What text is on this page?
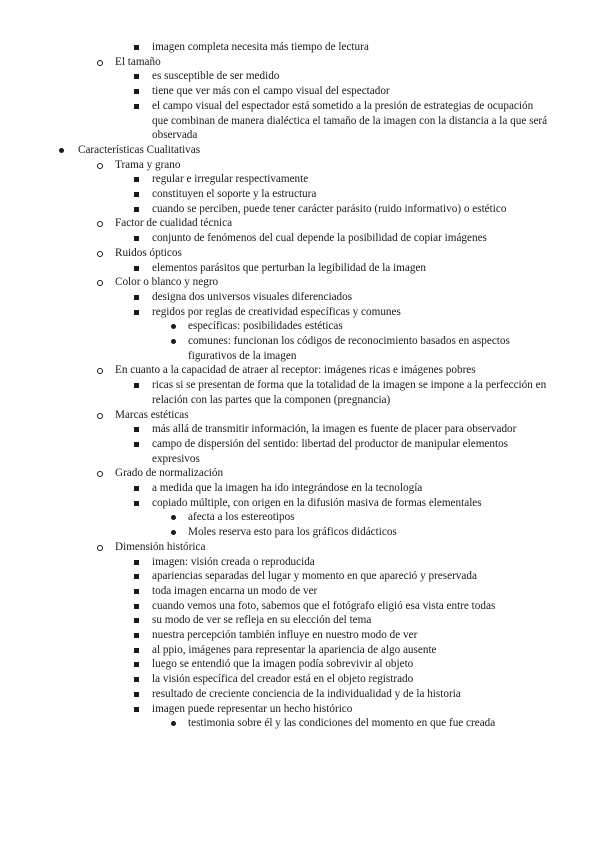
imagen completa necesita más tiempo de lectura
El tamaño
es susceptible de ser medido
tiene que ver más con el campo visual del espectador
el campo visual del espectador está sometido a la presión de estrategias de ocupación que combinan de manera dialéctica el tamaño de la imagen con la distancia a la que será observada
Características Cualitativas
Trama y grano
regular e irregular respectivamente
constituyen el soporte y la estructura
cuando se perciben, puede tener carácter parásito (ruido informativo) o estético
Factor de cualidad técnica
conjunto de fenómenos del cual depende la posibilidad de copiar imágenes
Ruidos ópticos
elementos parásitos que perturban la legibilidad de la imagen
Color o blanco y negro
designa dos universos visuales diferenciados
regidos por reglas de creatividad específicas y comunes
específicas: posibilidades estéticas
comunes: funcionan los códigos de reconocimiento basados en aspectos figurativos de la imagen
En cuanto a la capacidad de atraer al receptor: imágenes ricas e imágenes pobres
ricas si se presentan de forma que la totalidad de la imagen se impone a la perfección en relación con las partes que la componen (pregnancia)
Marcas estéticas
más allá de transmitir información, la imagen es fuente de placer para observador
campo de dispersión del sentido: libertad del productor de manipular elementos expresivos
Grado de normalización
a medida que la imagen ha ido integrándose en la tecnología
copiado múltiple, con origen en la difusión masiva de formas elementales
afecta a los estereotipos
Moles reserva esto para los gráficos didácticos
Dimensión histórica
imagen: visión creada o reproducida
apariencias separadas del lugar y momento en que apareció y preservada
toda imagen encarna un modo de ver
cuando vemos una foto, sabemos que el fotógrafo eligió esa vista entre todas
su modo de ver se refleja en su elección del tema
nuestra percepción también influye en nuestro modo de ver
al ppio, imágenes para representar la apariencia de algo ausente
luego se entendió que la imagen podía sobrevivir al objeto
la visión específica del creador está en el objeto registrado
resultado de creciente conciencia de la individualidad y de la historia
imagen puede representar un hecho histórico
testimonia sobre él y las condiciones del momento en que fue creada
